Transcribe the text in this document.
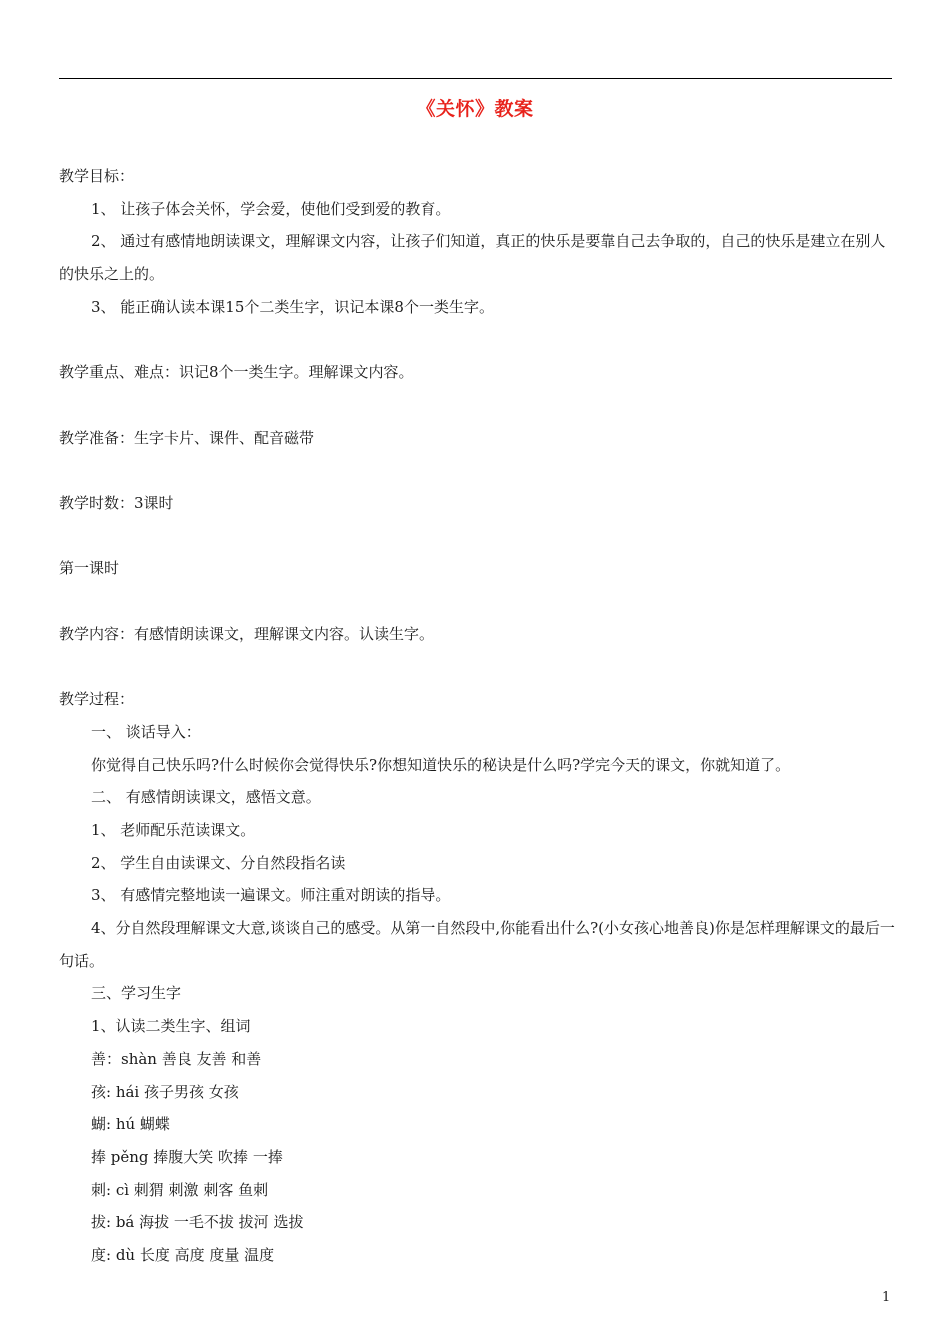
《关怀》教案

教学目标：

1、 让孩子体会关怀，学会爱，使他们受到爱的教育。

2、 通过有感情地朗读课文，理解课文内容，让孩子们知道，真正的快乐是要靠自己去争取的，自己的快乐是建立在别人的快乐之上的。

3、 能正确认读本课15个二类生字，识记本课8个一类生字。

教学重点、难点：识记8个一类生字。理解课文内容。

教学准备：生字卡片、课件、配音磁带

教学时数：3课时

第一课时

教学内容：有感情朗读课文，理解课文内容。认读生字。

教学过程：

一、 谈话导入：

你觉得自己快乐吗?什么时候你会觉得快乐?你想知道快乐的秘诀是什么吗?学完今天的课文，你就知道了。

二、 有感情朗读课文，感悟文意。

1、 老师配乐范读课文。

2、 学生自由读课文、分自然段指名读

3、 有感情完整地读一遍课文。师注重对朗读的指导。

4、分自然段理解课文大意,谈谈自己的感受。从第一自然段中,你能看出什么?(小女孩心地善良)你是怎样理解课文的最后一句话。

三、学习生字

1、认读二类生字、组词

善：shàn 善良 友善 和善

孩: hái 孩子男孩 女孩

蝴: hú 蝴蝶

捧 pěng 捧腹大笑 吹捧 一捧

刺: cì 刺猬 刺激 刺客 鱼刺

拔: bá 海拔 一毛不拔 拔河 选拔

度: dù 长度 高度 度量 温度

1
